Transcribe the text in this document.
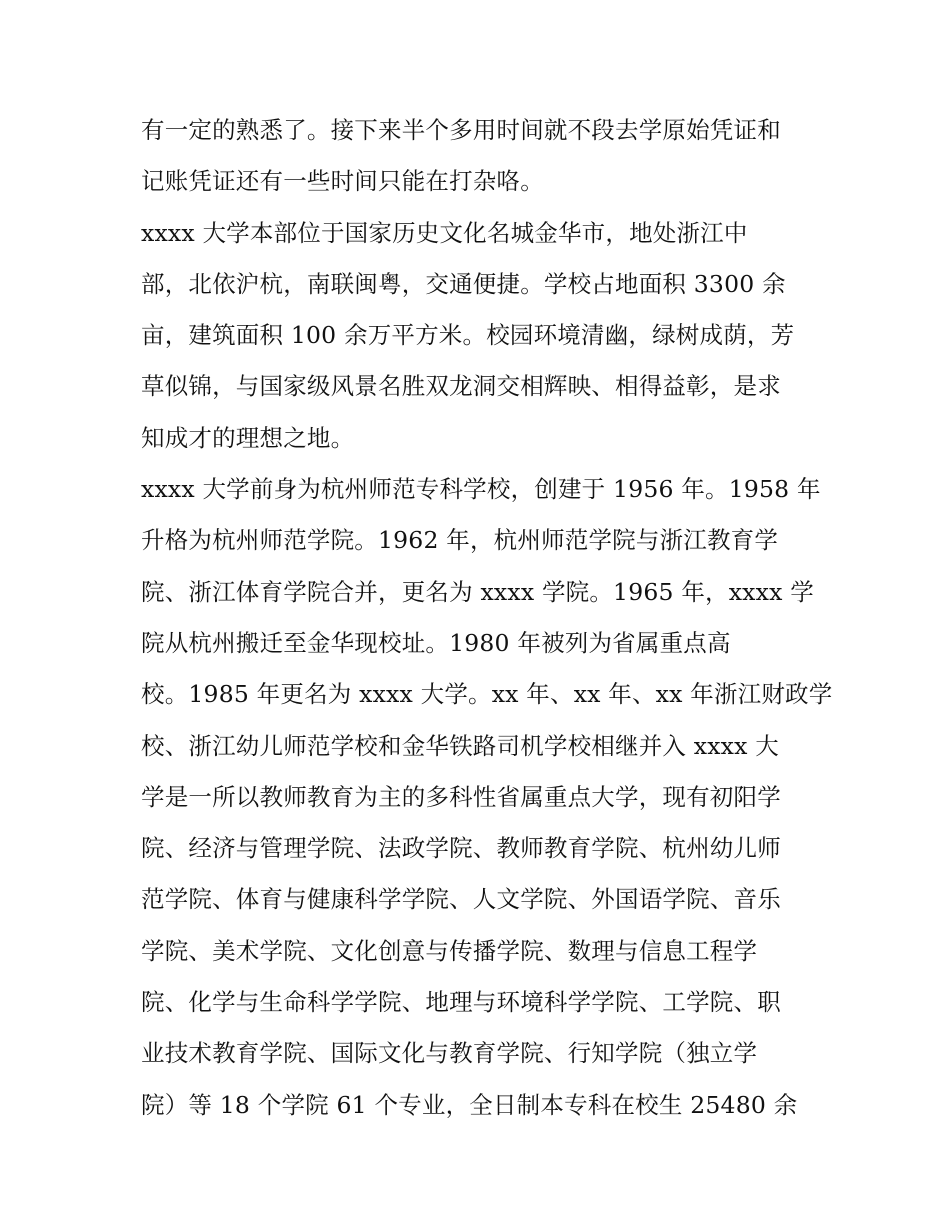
有一定的熟悉了。接下来半个多用时间就不段去学原始凭证和
记账凭证还有一些时间只能在打杂咯。
xxxx 大学本部位于国家历史文化名城金华市，地处浙江中
部，北依沪杭，南联闽粤，交通便捷。学校占地面积 3300 余
亩，建筑面积 100 余万平方米。校园环境清幽，绿树成荫，芳
草似锦，与国家级风景名胜双龙洞交相辉映、相得益彰，是求
知成才的理想之地。
xxxx 大学前身为杭州师范专科学校，创建于 1956 年。1958 年
升格为杭州师范学院。1962 年，杭州师范学院与浙江教育学
院、浙江体育学院合并，更名为 xxxx 学院。1965 年，xxxx 学
院从杭州搬迁至金华现校址。1980 年被列为省属重点高
校。1985 年更名为 xxxx 大学。xx 年、xx 年、xx 年浙江财政学
校、浙江幼儿师范学校和金华铁路司机学校相继并入 xxxx 大
学是一所以教师教育为主的多科性省属重点大学，现有初阳学
院、经济与管理学院、法政学院、教师教育学院、杭州幼儿师
范学院、体育与健康科学学院、人文学院、外国语学院、音乐
学院、美术学院、文化创意与传播学院、数理与信息工程学
院、化学与生命科学学院、地理与环境科学学院、工学院、职
业技术教育学院、国际文化与教育学院、行知学院（独立学
院）等 18 个学院 61 个专业，全日制本专科在校生 25480 余
